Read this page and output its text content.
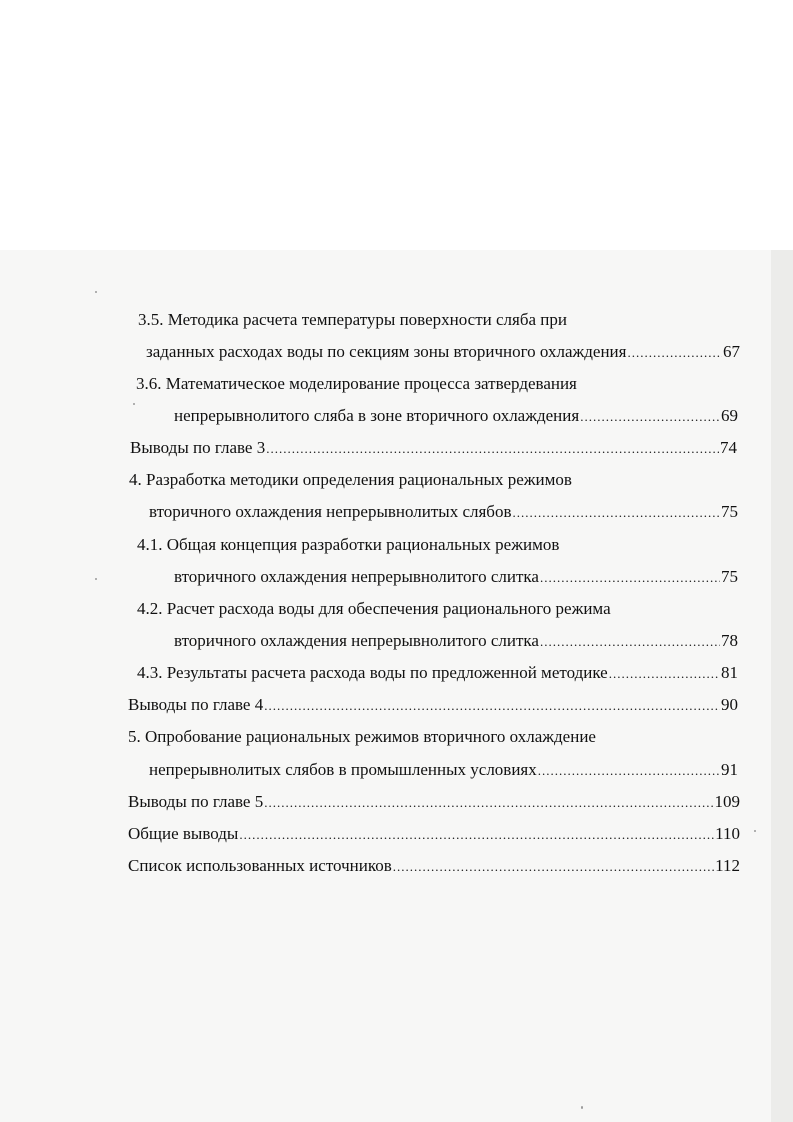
3.5. Методика расчета температуры поверхности слябa при
заданных расходах воды по секциям зоны вторичного охлаждения .....	67
3.6. Математическое моделирование процесса затвердевания
непрерывнолитого сляба в зоне вторичного охлаждения .....	69
Выводы по главе 3 .....	74
4. Разработка методики определения рациональных режимов
вторичного охлаждения непрерывнолитых слябов .....	75
4.1. Общая концепция разработки рациональных режимов
вторичного охлаждения непрерывнолитого слитка .....	75
4.2. Расчет расхода воды для обеспечения рационального режима
вторичного охлаждения непрерывнолитого слитка .....	78
4.3. Результаты расчета расхода воды по предложенной методике .....	81
Выводы по главе 4 .....	90
5. Опробование рациональных режимов вторичного охлаждение
непрерывнолитых слябов в промышленных условиях .....	91
Выводы по главе 5 .....	109
Общие выводы .....	110
Список использованных источников .....	112
